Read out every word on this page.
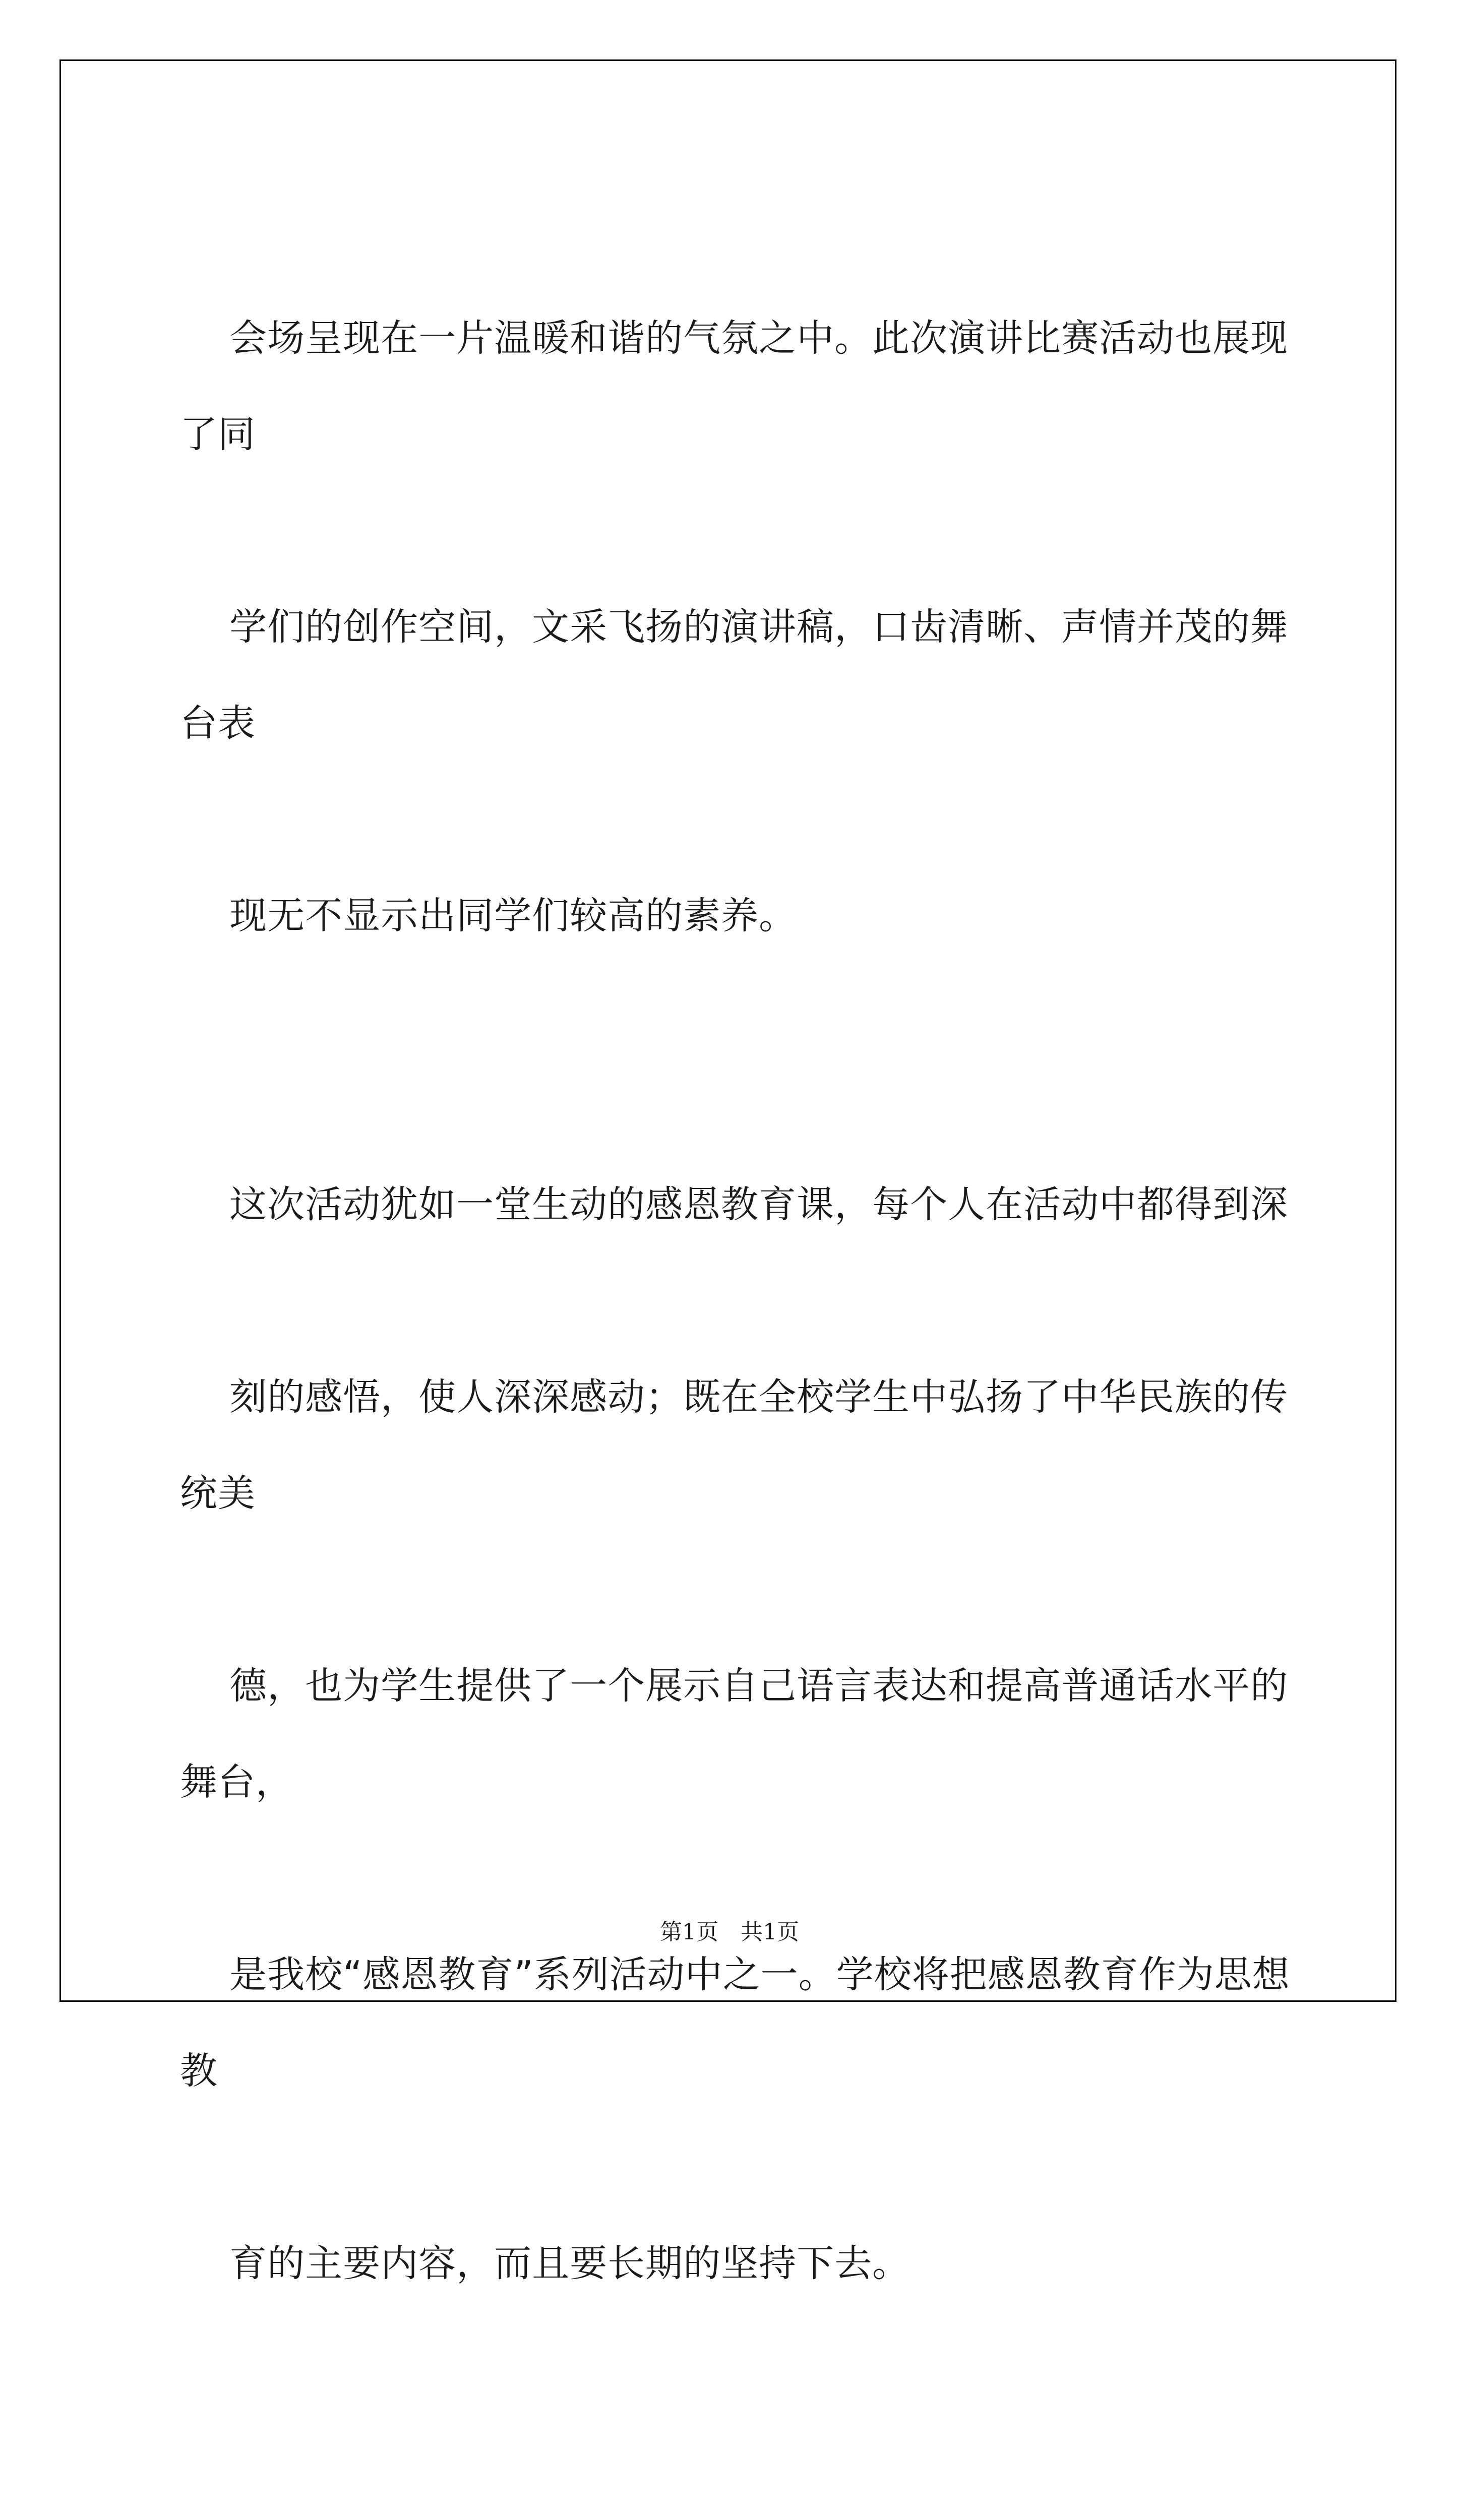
会场呈现在一片温暖和谐的气氛之中。此次演讲比赛活动也展现了同

学们的创作空间，文采飞扬的演讲稿，口齿清晰、声情并茂的舞台表

现无不显示出同学们较高的素养。

这次活动犹如一堂生动的感恩教育课，每个人在活动中都得到深

刻的感悟，使人深深感动；既在全校学生中弘扬了中华民族的传统美

德，也为学生提供了一个展示自己语言表达和提高普通话水平的舞台，

是我校“感恩教育”系列活动中之一。学校将把感恩教育作为思想教

育的主要内容，而且要长期的坚持下去。

第1页 共1页
